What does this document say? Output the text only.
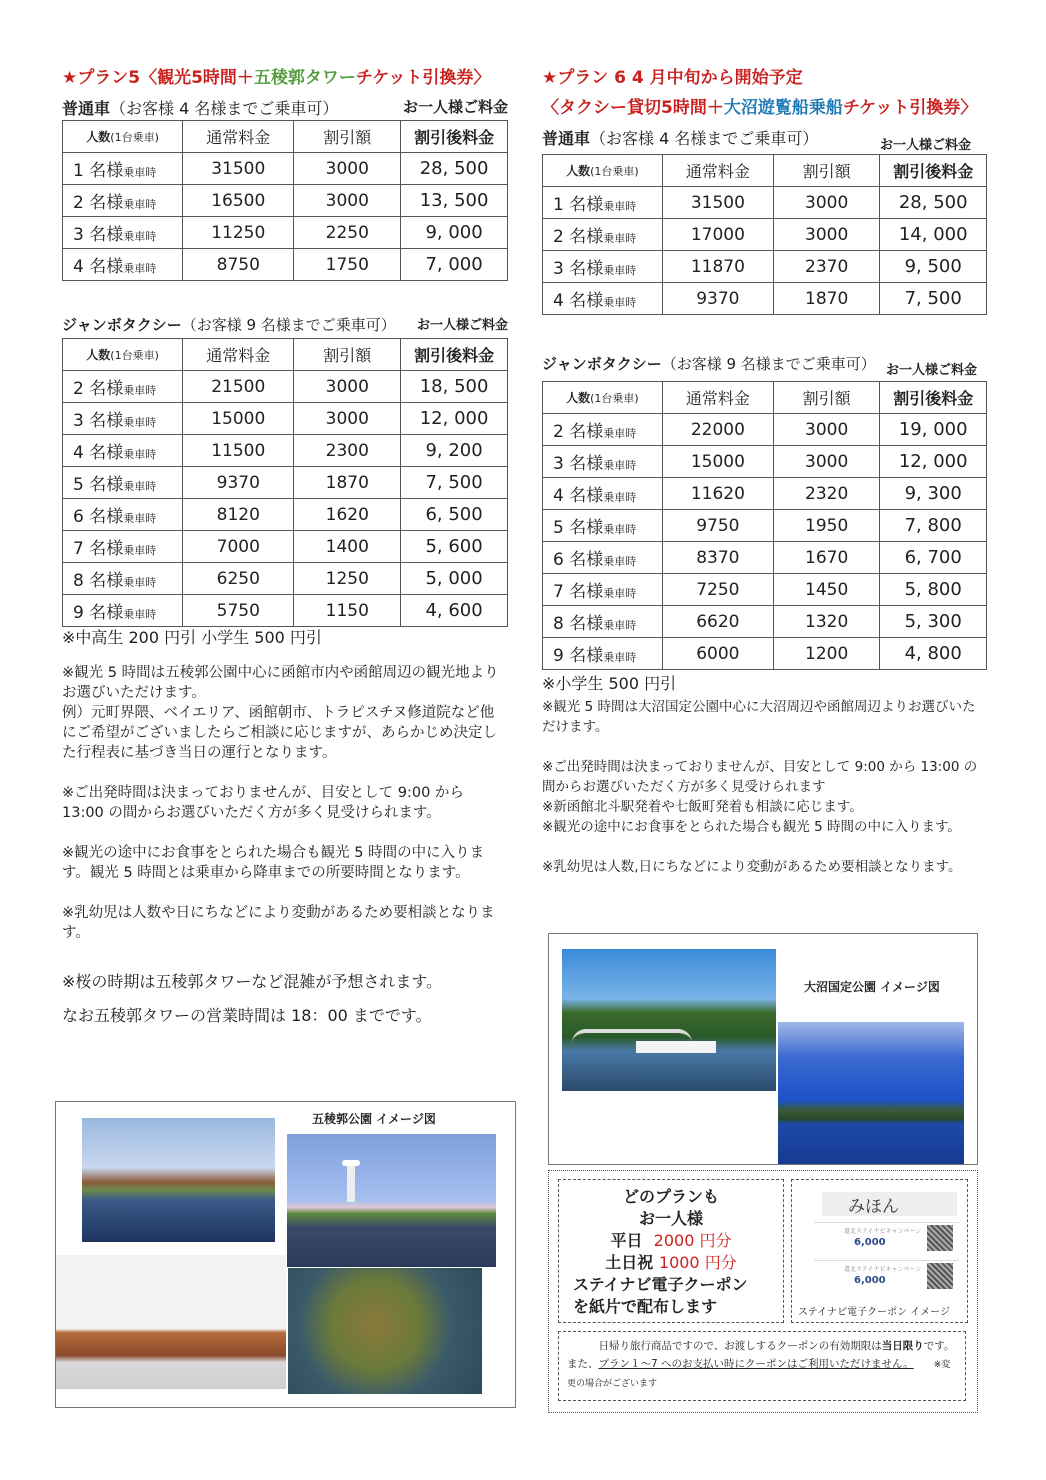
★プラン5〈観光5時間＋五稜郭タワーチケット引換券〉
普通車（お客様 4 名様までご乗車可）	お一人様ご料金
人数(1台乗車)	通常料金	割引額	割引後料金
1 名様乗車時	31500	3000	28, 500
2 名様乗車時	16500	3000	13, 500
3 名様乗車時	11250	2250	9, 000
4 名様乗車時	8750	1750	7, 000
ジャンボタクシー（お客様 9 名様までご乗車可） お一人様ご料金
人数(1台乗車)	通常料金	割引額	割引後料金
2 名様乗車時	21500	3000	18, 500
3 名様乗車時	15000	3000	12, 000
4 名様乗車時	11500	2300	9, 200
5 名様乗車時	9370	1870	7, 500
6 名様乗車時	8120	1620	6, 500
7 名様乗車時	7000	1400	5, 600
8 名様乗車時	6250	1250	5, 000
9 名様乗車時	5750	1150	4, 600
※中高生 200 円引 小学生 500 円引
※観光 5 時間は五稜郭公園中心に函館市内や函館周辺の観光地よりお選びいただけます。
例）元町界隈、ベイエリア、函館朝市、トラピスチヌ修道院など他にご希望がございましたらご相談に応じますが、あらかじめ決定した行程表に基づき当日の運行となります。
※ご出発時間は決まっておりませんが、目安として 9:00 から 13:00 の間からお選びいただく方が多く見受けられます。
※観光の途中にお食事をとられた場合も観光 5 時間の中に入ります。観光 5 時間とは乗車から降車までの所要時間となります。
※乳幼児は人数や日にちなどにより変動があるため要相談となります。
※桜の時期は五稜郭タワーなど混雑が予想されます。
なお五稜郭タワーの営業時間は 18：00 までです。
五稜郭公園 イメージ図
★プラン 6 4 月中旬から開始予定
〈タクシー貸切5時間＋大沼遊覧船乗船チケット引換券〉
普通車（お客様 4 名様までご乗車可）	お一人様ご料金
人数(1台乗車)	通常料金	割引額	割引後料金
1 名様乗車時	31500	3000	28, 500
2 名様乗車時	17000	3000	14, 000
3 名様乗車時	11870	2370	9, 500
4 名様乗車時	9370	1870	7, 500
ジャンボタクシー（お客様 9 名様までご乗車可） お一人様ご料金
人数(1台乗車)	通常料金	割引額	割引後料金
2 名様乗車時	22000	3000	19, 000
3 名様乗車時	15000	3000	12, 000
4 名様乗車時	11620	2320	9, 300
5 名様乗車時	9750	1950	7, 800
6 名様乗車時	8370	1670	6, 700
7 名様乗車時	7250	1450	5, 800
8 名様乗車時	6620	1320	5, 300
9 名様乗車時	6000	1200	4, 800
※小学生 500 円引
※観光 5 時間は大沼国定公園中心に大沼周辺や函館周辺よりお選びいただけます。
※ご出発時間は決まっておりませんが、目安として 9:00 から 13:00 の間からお選びいただく方が多く見受けられます
※新函館北斗駅発着や七飯町発着も相談に応じます。
※観光の途中にお食事をとられた場合も観光 5 時間の中に入ります。
※乳幼児は人数,日にちなどにより変動があるため要相談となります。
大沼国定公園 イメージ図
どのプランも
お一人様
平日 2000 円分
土日祝 1000 円分
ステイナビ電子クーポン
を紙片で配布します
みほん
道北ステイナビキャンペーン
6,000
道北ステイナビキャンペーン
6,000
ステイナビ電子クーポン イメージ
日帰り旅行商品ですので、お渡しするクーポンの有効期限は当日限りです。また、プラン１～7 へのお支払い時にクーポンはご利用いただけません。 ※変更の場合がございます
